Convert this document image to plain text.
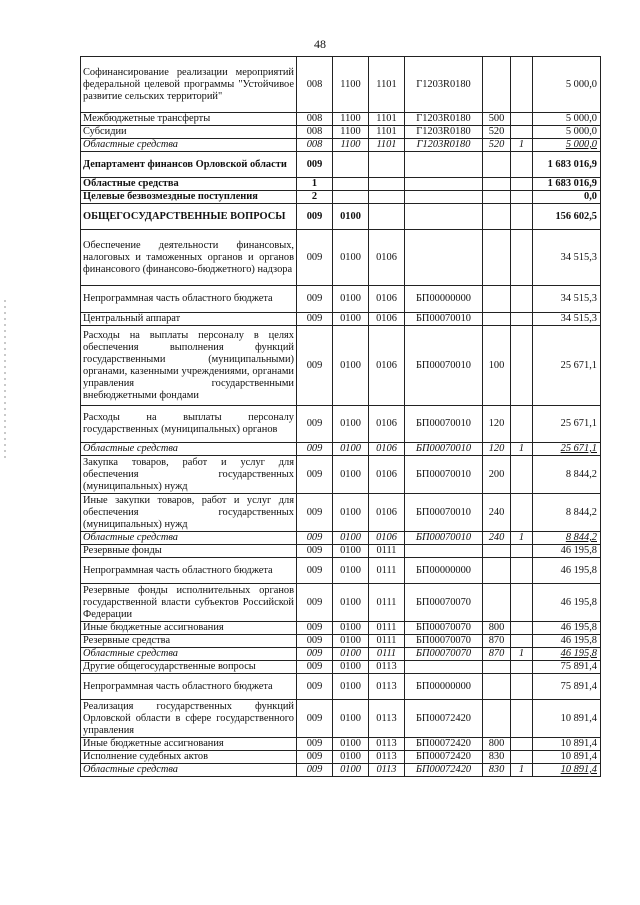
48
Софинансирование реализации мероприятий федеральной целевой программы "Устойчивое развитие сельских территорий"	008	1100	1101	Г1203R0180			5 000,0
Межбюджетные трансферты	008	1100	1101	Г1203R0180	500		5 000,0
Субсидии	008	1100	1101	Г1203R0180	520		5 000,0
Областные средства	008	1100	1101	Г1203R0180	520	1	5 000,0
Департамент финансов Орловской области	009						1 683 016,9
Областные средства	1						1 683 016,9
Целевые безвозмездные поступления	2						0,0
ОБЩЕГОСУДАРСТВЕННЫЕ ВОПРОСЫ	009	0100					156 602,5
Обеспечение деятельности финансовых, налоговых и таможенных органов и органов финансового (финансово-бюджетного) надзора	009	0100	0106				34 515,3
Непрограммная часть областного бюджета	009	0100	0106	БП00000000			34 515,3
Центральный аппарат	009	0100	0106	БП00070010			34 515,3
Расходы на выплаты персоналу в целях обеспечения выполнения функций государственными (муниципальными) органами, казенными учреждениями, органами управления государственными внебюджетными фондами	009	0100	0106	БП00070010	100		25 671,1
Расходы на выплаты персоналу государственных (муниципальных) органов	009	0100	0106	БП00070010	120		25 671,1
Областные средства	009	0100	0106	БП00070010	120	1	25 671,1
Закупка товаров, работ и услуг для обеспечения государственных (муниципальных) нужд	009	0100	0106	БП00070010	200		8 844,2
Иные закупки товаров, работ и услуг для обеспечения государственных (муниципальных) нужд	009	0100	0106	БП00070010	240		8 844,2
Областные средства	009	0100	0106	БП00070010	240	1	8 844,2
Резервные фонды	009	0100	0111				46 195,8
Непрограммная часть областного бюджета	009	0100	0111	БП00000000			46 195,8
Резервные фонды исполнительных органов государственной власти субъектов Российской Федерации	009	0100	0111	БП00070070			46 195,8
Иные бюджетные ассигнования	009	0100	0111	БП00070070	800		46 195,8
Резервные средства	009	0100	0111	БП00070070	870		46 195,8
Областные средства	009	0100	0111	БП00070070	870	1	46 195,8
Другие общегосударственные вопросы	009	0100	0113				75 891,4
Непрограммная часть областного бюджета	009	0100	0113	БП00000000			75 891,4
Реализация государственных функций Орловской области в сфере государственного управления	009	0100	0113	БП00072420			10 891,4
Иные бюджетные ассигнования	009	0100	0113	БП00072420	800		10 891,4
Исполнение судебных актов	009	0100	0113	БП00072420	830		10 891,4
Областные средства	009	0100	0113	БП00072420	830	1	10 891,4
